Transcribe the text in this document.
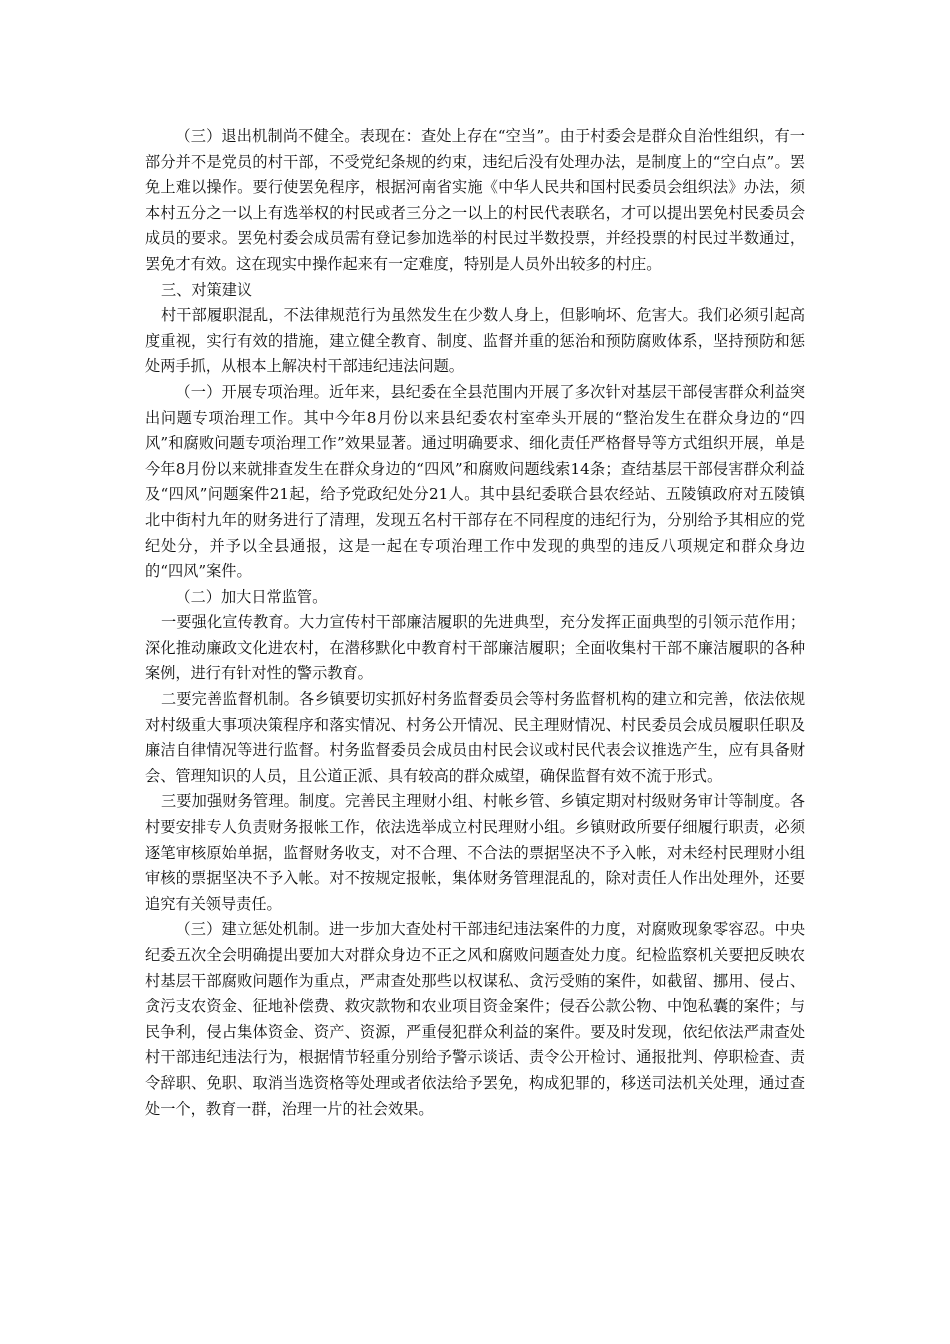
（三）退出机制尚不健全。表现在：查处上存在“空当”。由于村委会是群众自治性组织，有一部分并不是党员的村干部，不受党纪条规的约束，违纪后没有处理办法，是制度上的“空白点”。罢免上难以操作。要行使罢免程序，根据河南省实施《中华人民共和国村民委员会组织法》办法，须本村五分之一以上有选举权的村民或者三分之一以上的村民代表联名，才可以提出罢免村民委员会成员的要求。罢免村委会成员需有登记参加选举的村民过半数投票，并经投票的村民过半数通过，罢免才有效。这在现实中操作起来有一定难度，特别是人员外出较多的村庄。

三、对策建议

村干部履职混乱，不法律规范行为虽然发生在少数人身上，但影响坏、危害大。我们必须引起高度重视，实行有效的措施，建立健全教育、制度、监督并重的惩治和预防腐败体系，坚持预防和惩处两手抓，从根本上解决村干部违纪违法问题。

（一）开展专项治理。近年来，县纪委在全县范围内开展了多次针对基层干部侵害群众利益突出问题专项治理工作。其中今年8月份以来县纪委农村室牵头开展的“整治发生在群众身边的“四风”和腐败问题专项治理工作”效果显著。通过明确要求、细化责任严格督导等方式组织开展，单是今年8月份以来就排查发生在群众身边的“四风”和腐败问题线索14条；查结基层干部侵害群众利益及“四风”问题案件21起，给予党政纪处分21人。其中县纪委联合县农经站、五陵镇政府对五陵镇北中街村九年的财务进行了清理，发现五名村干部存在不同程度的违纪行为，分别给予其相应的党纪处分，并予以全县通报，这是一起在专项治理工作中发现的典型的违反八项规定和群众身边的“四风”案件。

（二）加大日常监管。

一要强化宣传教育。大力宣传村干部廉洁履职的先进典型，充分发挥正面典型的引领示范作用；深化推动廉政文化进农村，在潜移默化中教育村干部廉洁履职；全面收集村干部不廉洁履职的各种案例，进行有针对性的警示教育。

二要完善监督机制。各乡镇要切实抓好村务监督委员会等村务监督机构的建立和完善，依法依规对村级重大事项决策程序和落实情况、村务公开情况、民主理财情况、村民委员会成员履职任职及廉洁自律情况等进行监督。村务监督委员会成员由村民会议或村民代表会议推选产生，应有具备财会、管理知识的人员，且公道正派、具有较高的群众威望，确保监督有效不流于形式。

三要加强财务管理。制度。完善民主理财小组、村帐乡管、乡镇定期对村级财务审计等制度。各村要安排专人负责财务报帐工作，依法选举成立村民理财小组。乡镇财政所要仔细履行职责，必须逐笔审核原始单据，监督财务收支，对不合理、不合法的票据坚决不予入帐，对未经村民理财小组审核的票据坚决不予入帐。对不按规定报帐，集体财务管理混乱的，除对责任人作出处理外，还要追究有关领导责任。

（三）建立惩处机制。进一步加大查处村干部违纪违法案件的力度，对腐败现象零容忍。中央纪委五次全会明确提出要加大对群众身边不正之风和腐败问题查处力度。纪检监察机关要把反映农村基层干部腐败问题作为重点，严肃查处那些以权谋私、贪污受贿的案件，如截留、挪用、侵占、贪污支农资金、征地补偿费、救灾款物和农业项目资金案件；侵吞公款公物、中饱私囊的案件；与民争利，侵占集体资金、资产、资源，严重侵犯群众利益的案件。要及时发现，依纪依法严肃查处村干部违纪违法行为，根据情节轻重分别给予警示谈话、责令公开检讨、通报批判、停职检查、责令辞职、免职、取消当选资格等处理或者依法给予罢免，构成犯罪的，移送司法机关处理，通过查处一个，教育一群，治理一片的社会效果。
